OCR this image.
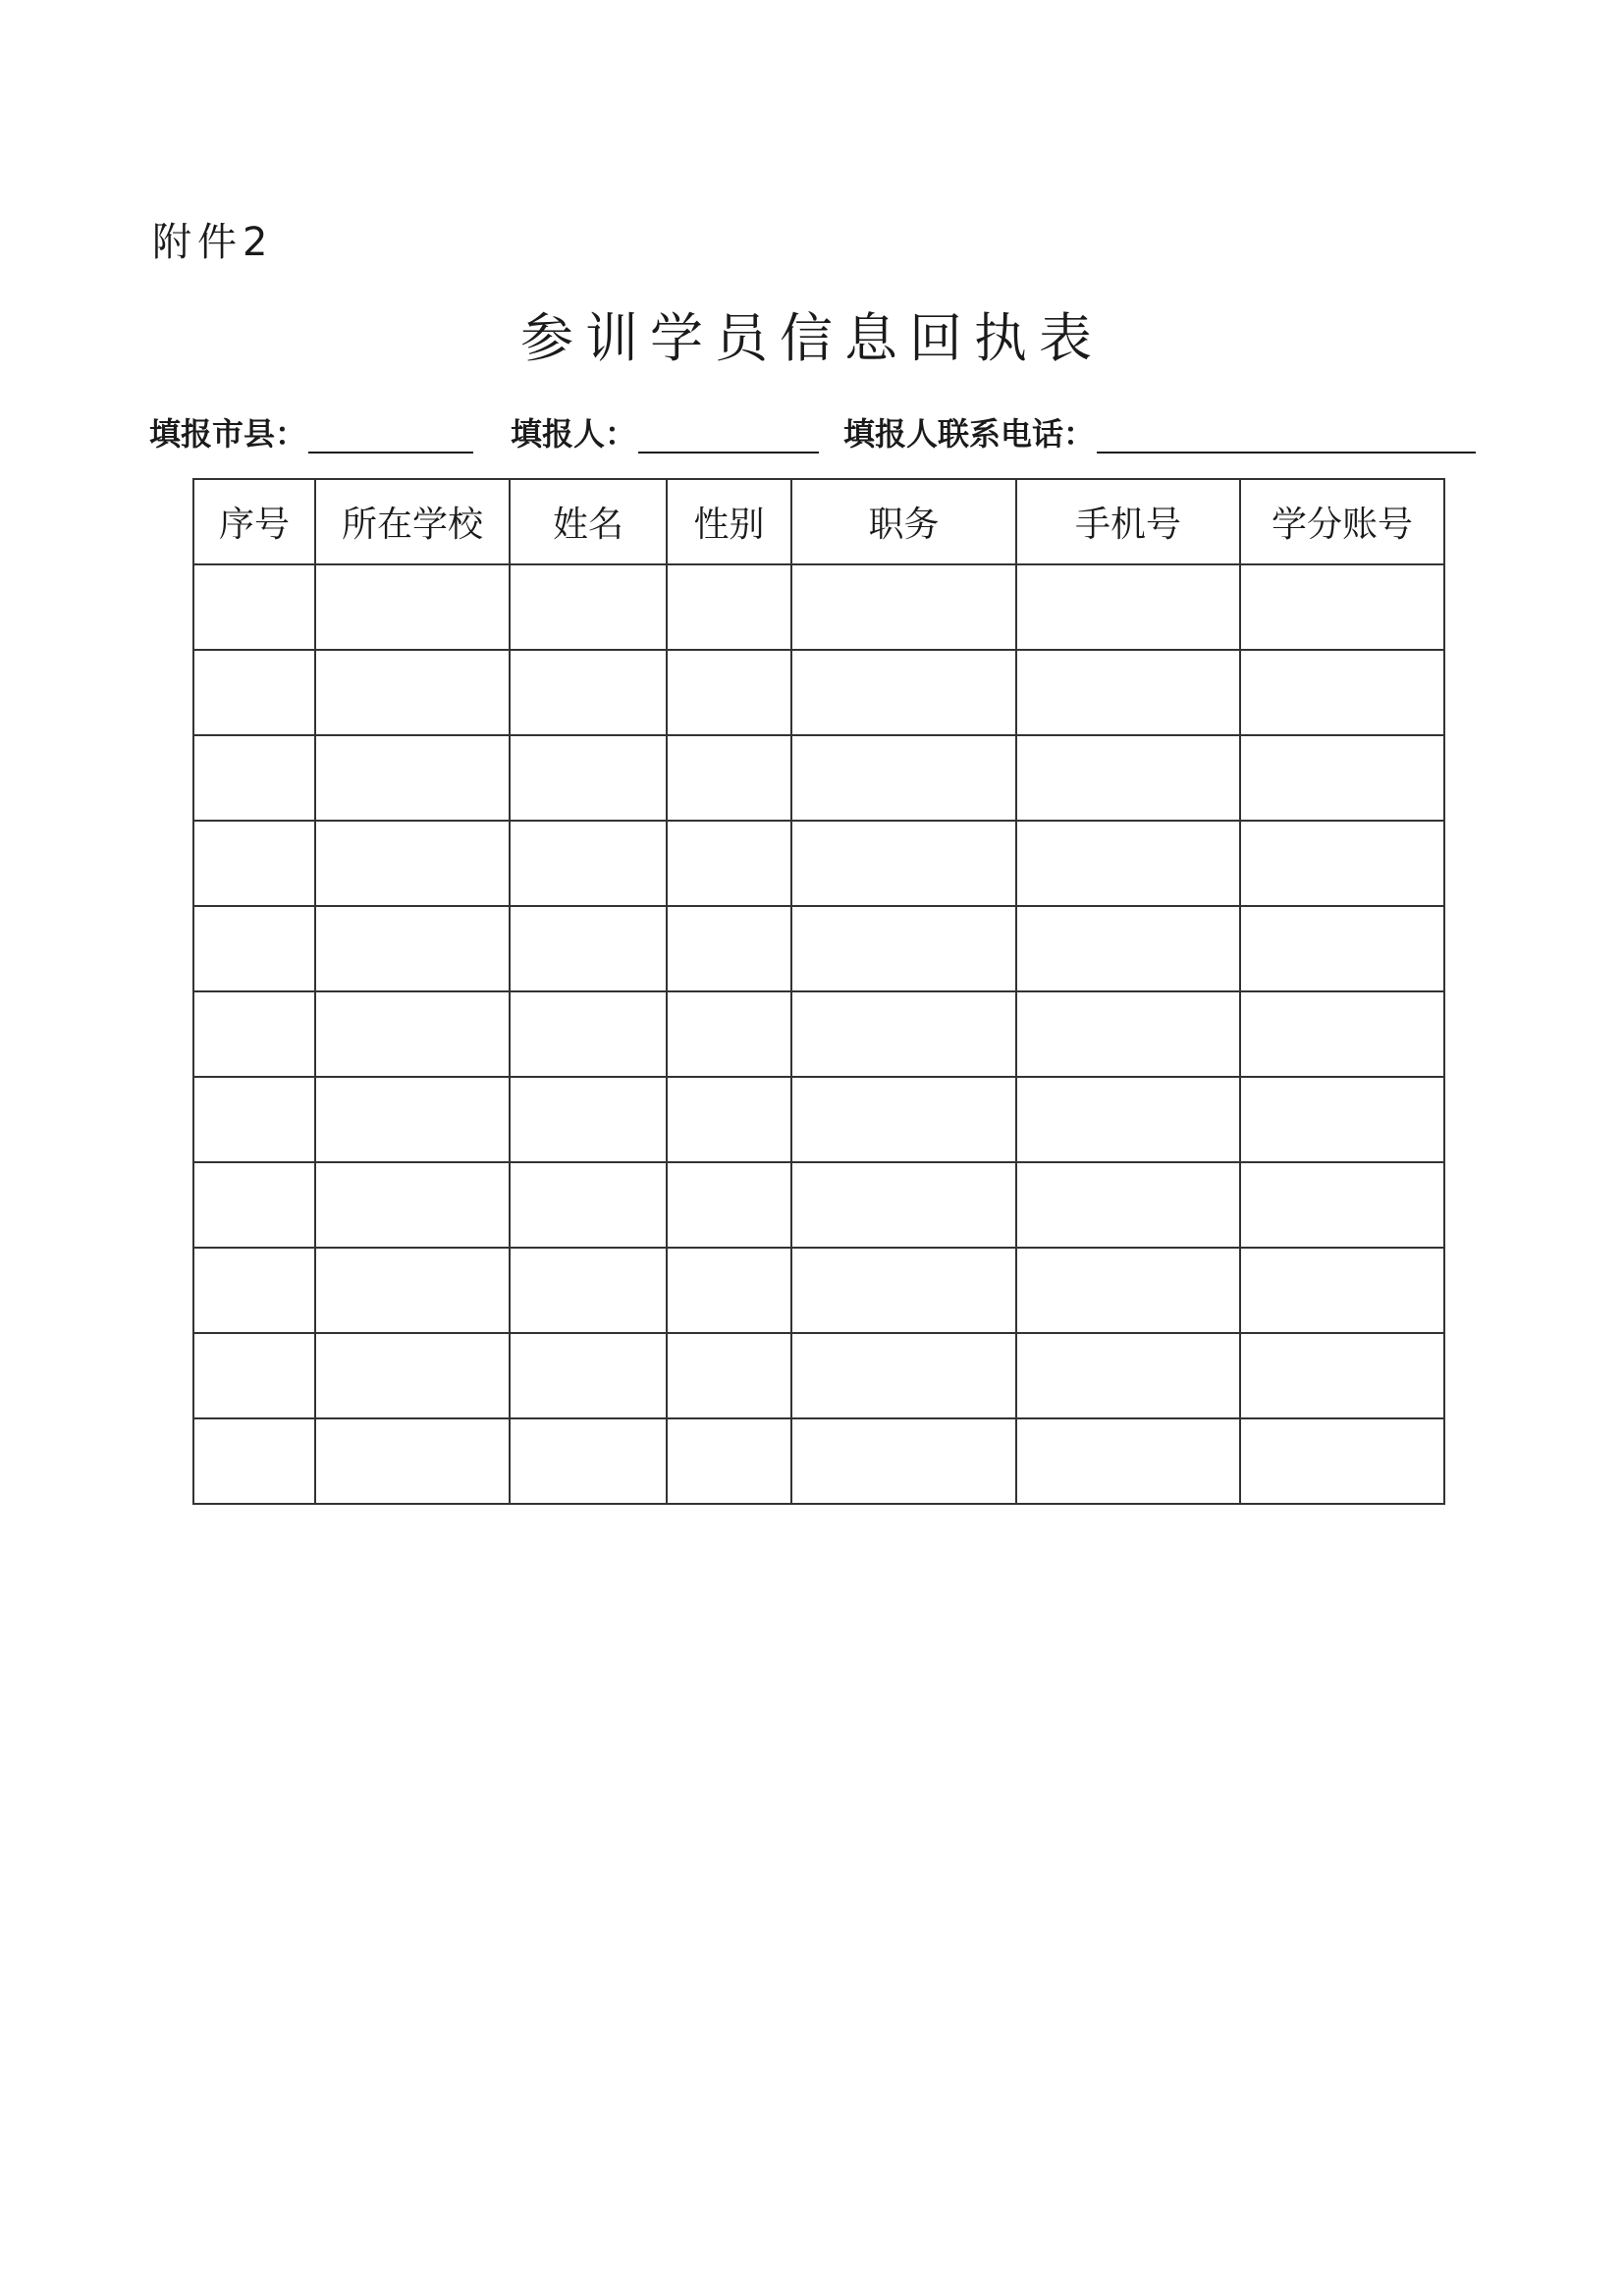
附件2
参训学员信息回执表
填报市县：	填报人：	填报人联系电话：
序号	所在学校	姓名	性别	职务	手机号	学分账号
